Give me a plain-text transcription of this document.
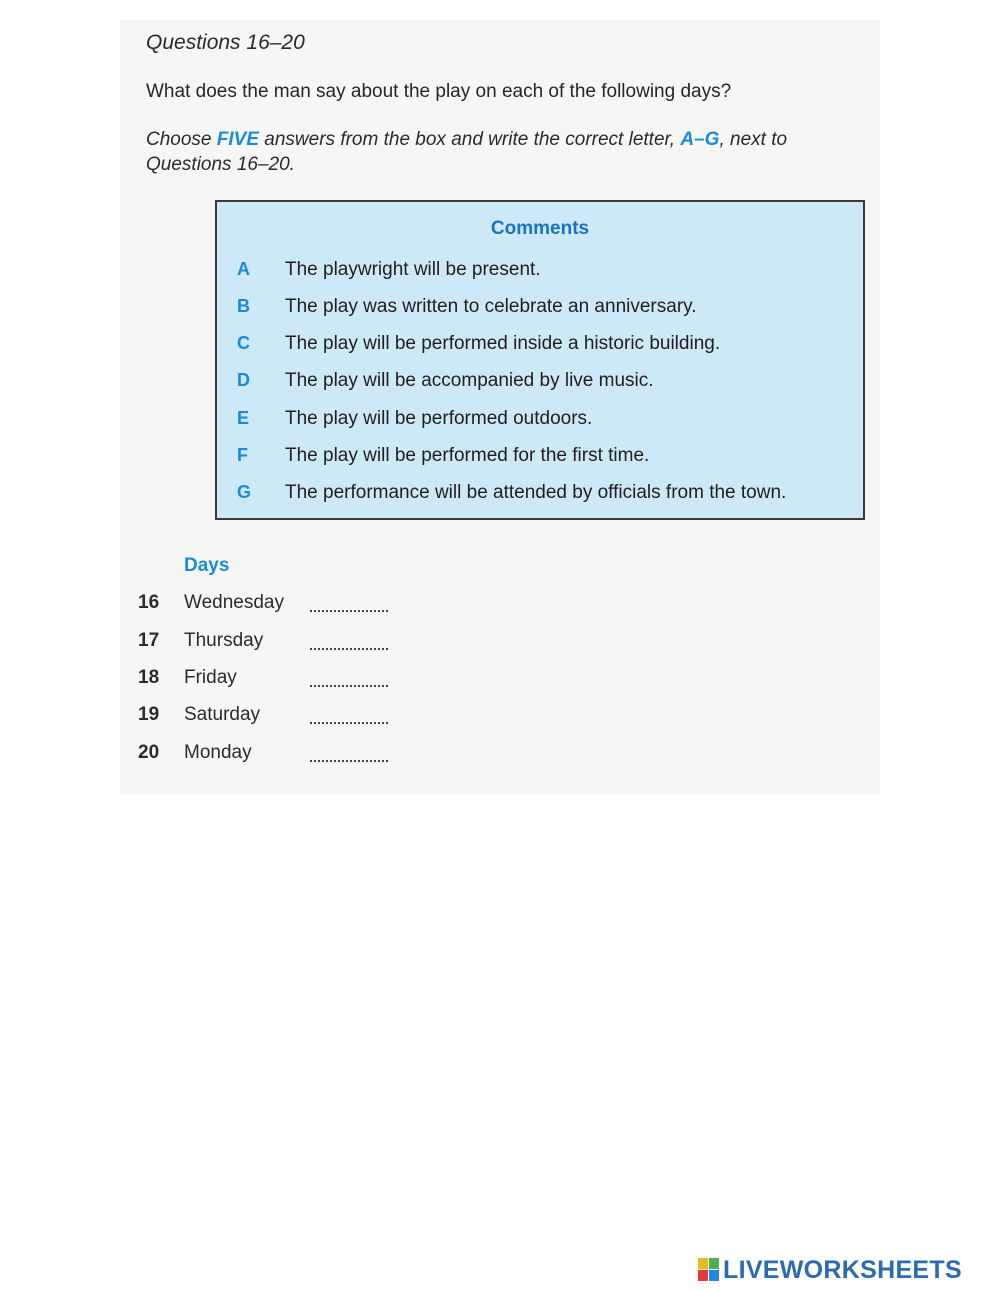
Questions 16–20
What does the man say about the play on each of the following days?
Choose FIVE answers from the box and write the correct letter, A–G, next to Questions 16–20.
Comments
A	The playwright will be present.
B	The play was written to celebrate an anniversary.
C	The play will be performed inside a historic building.
D	The play will be accompanied by live music.
E	The play will be performed outdoors.
F	The play will be performed for the first time.
G	The performance will be attended by officials from the town.
Days
16 Wednesday
17 Thursday
18 Friday
19 Saturday
20 Monday
LIVEWORKSHEETS
